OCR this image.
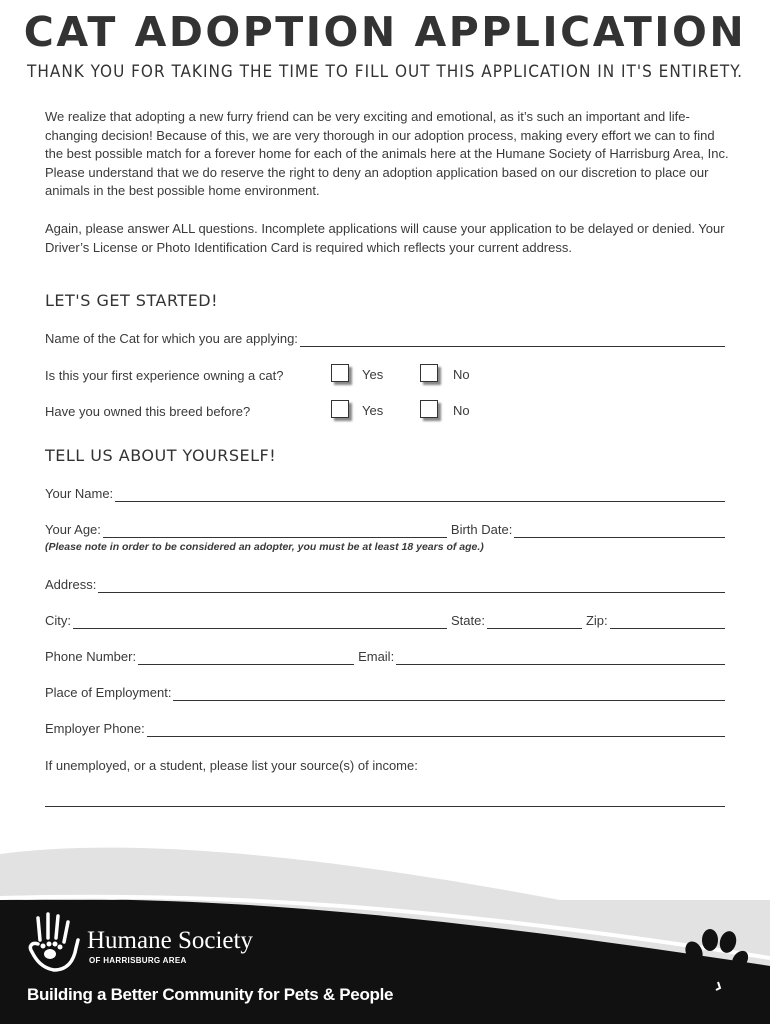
CAT ADOPTION APPLICATION
THANK YOU FOR TAKING THE TIME TO FILL OUT THIS APPLICATION IN IT'S ENTIRETY.
We realize that adopting a new furry friend can be very exciting and emotional, as it’s such an important and life-changing decision! Because of this, we are very thorough in our adoption process, making every effort we can to find the best possible match for a forever home for each of the animals here at the Humane Society of Harrisburg Area, Inc. Please understand that we do reserve the right to deny an adoption application based on our discretion to place our animals in the best possible home environment.
Again, please answer ALL questions. Incomplete applications will cause your application to be delayed or denied. Your Driver’s License or Photo Identification Card is required which reflects your current address.
LET'S GET STARTED!
Name of the Cat for which you are applying:
Is this your first experience owning a cat?	Yes	No
Have you owned this breed before?	Yes	No
TELL US ABOUT YOURSELF!
Your Name:
Your Age:	Birth Date:
(Please note in order to be considered an adopter, you must be at least 18 years of age.)
Address:
City:	State:	Zip:
Phone Number:	Email:
Place of Employment:
Employer Phone:
If unemployed, or a student, please list your source(s) of income:
Humane Society
OF HARRISBURG AREA
Building a Better Community for Pets & People
